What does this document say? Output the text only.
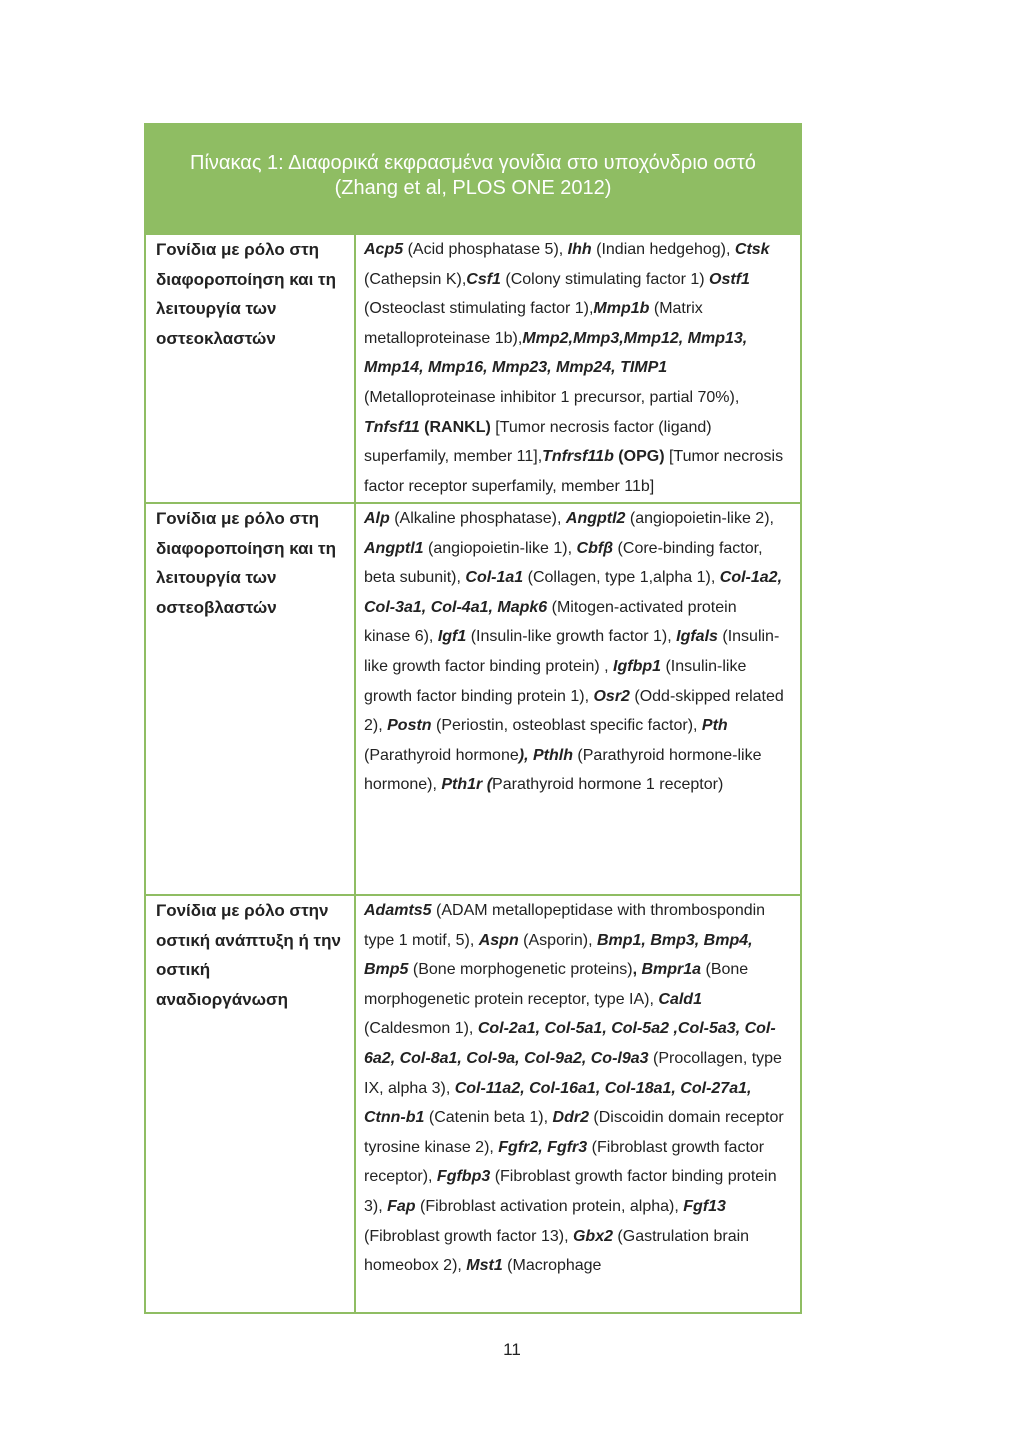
Πίνακας 1: Διαφορικά εκφρασμένα γονίδια στο υποχόνδριο οστό
(Zhang et al, PLOS ONE 2012)
Γονίδια με ρόλο στη διαφοροποίηση και τη λειτουργία των οστεοκλαστών
Acp5 (Acid phosphatase 5), Ihh (Indian hedgehog), Ctsk (Cathepsin K),Csf1 (Colony stimulating factor 1) Ostf1 (Osteoclast stimulating factor 1),Mmp1b (Matrix metalloproteinase 1b),Mmp2,Mmp3,Mmp12, Mmp13, Mmp14, Mmp16, Mmp23, Mmp24, TIMP1 (Metalloproteinase inhibitor 1 precursor, partial 70%), Tnfsf11 (RANKL) [Tumor necrosis factor (ligand) superfamily, member 11],Tnfrsf11b (OPG) [Tumor necrosis factor receptor superfamily, member 11b]
Γονίδια με ρόλο στη διαφοροποίηση και τη λειτουργία των οστεοβλαστών
Alp (Alkaline phosphatase), Angptl2 (angiopoietin-like 2), Angptl1 (angiopoietin-like 1), Cbfβ (Core-binding factor, beta subunit), Col-1a1 (Collagen, type 1,alpha 1), Col-1a2, Col-3a1, Col-4a1, Mapk6 (Mitogen-activated protein kinase 6), Igf1 (Insulin-like growth factor 1), Igfals (Insulin-like growth factor binding protein) , Igfbp1 (Insulin-like growth factor binding protein 1), Osr2 (Odd-skipped related 2), Postn (Periostin, osteoblast specific factor), Pth (Parathyroid hormone), Pthlh (Parathyroid hormone-like hormone), Pth1r (Parathyroid hormone 1 receptor)
Γονίδια με ρόλο στην οστική ανάπτυξη ή την οστική αναδιοργάνωση
Adamts5 (ADAM metallopeptidase with thrombospondin type 1 motif, 5), Aspn (Asporin), Bmp1, Bmp3, Bmp4, Bmp5 (Bone morphogenetic proteins), Bmpr1a (Bone morphogenetic protein receptor, type IA), Cald1 (Caldesmon 1), Col-2a1, Col-5a1, Col-5a2 ,Col-5a3, Col-6a2, Col-8a1, Col-9a, Col-9a2, Co-l9a3 (Procollagen, type IX, alpha 3), Col-11a2, Col-16a1, Col-18a1, Col-27a1, Ctnn-b1 (Catenin beta 1), Ddr2 (Discoidin domain receptor tyrosine kinase 2), Fgfr2, Fgfr3 (Fibroblast growth factor receptor), Fgfbp3 (Fibroblast growth factor binding protein 3), Fap (Fibroblast activation protein, alpha), Fgf13 (Fibroblast growth factor 13), Gbx2 (Gastrulation brain homeobox 2), Mst1 (Macrophage
11
